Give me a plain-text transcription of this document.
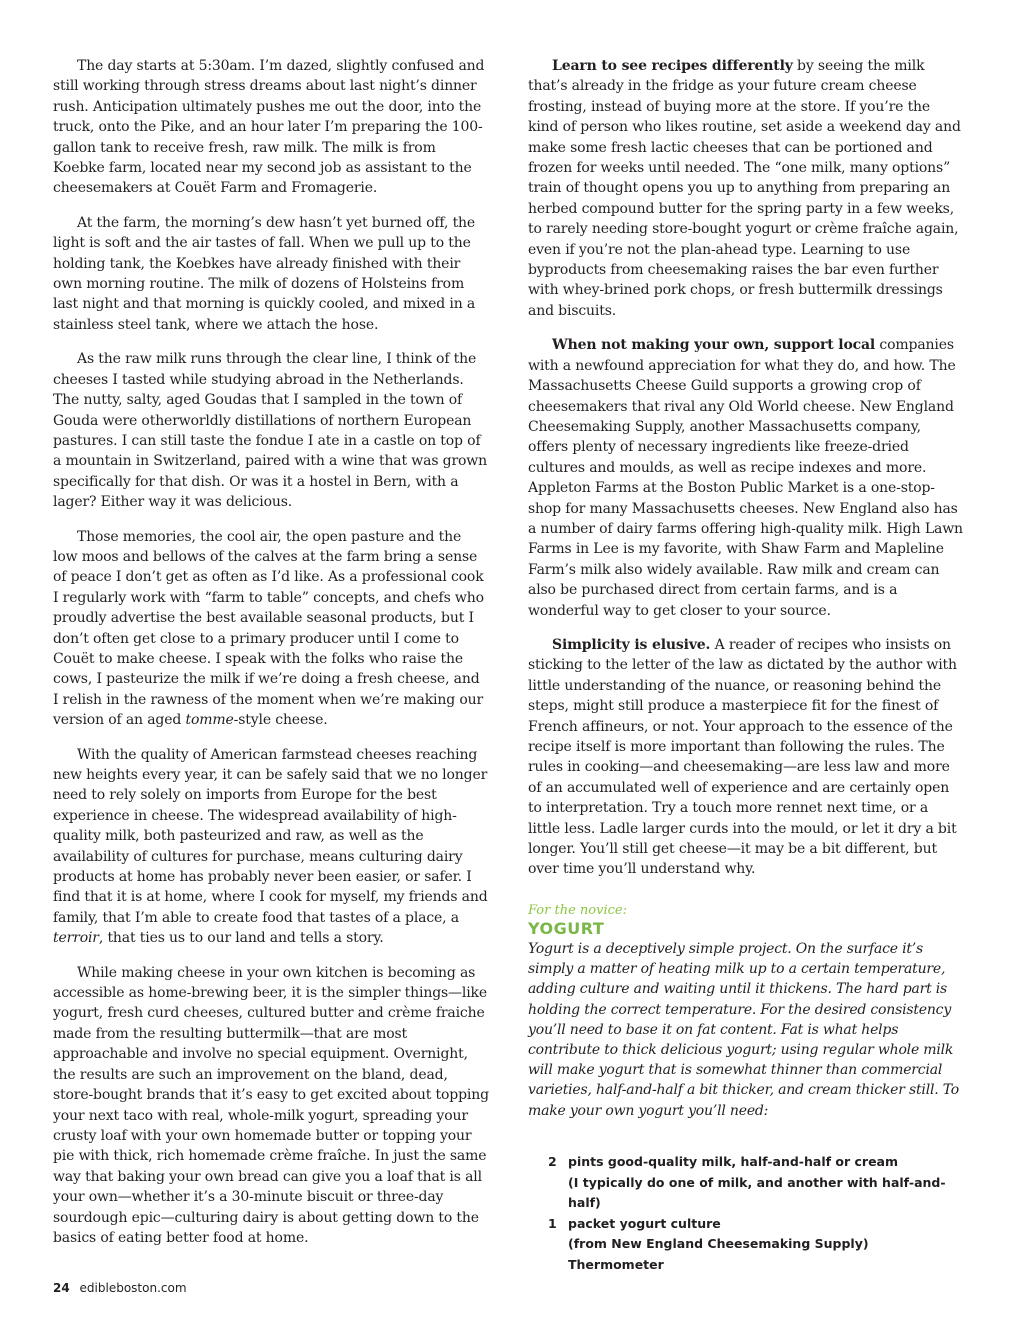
The day starts at 5:30am. I’m dazed, slightly confused and still working through stress dreams about last night’s dinner rush. Anticipation ultimately pushes me out the door, into the truck, onto the Pike, and an hour later I’m preparing the 100-gallon tank to receive fresh, raw milk. The milk is from Koebke farm, located near my second job as assistant to the cheesemakers at Couët Farm and Fromagerie.

At the farm, the morning’s dew hasn’t yet burned off, the light is soft and the air tastes of fall. When we pull up to the holding tank, the Koebkes have already finished with their own morning routine. The milk of dozens of Holsteins from last night and that morning is quickly cooled, and mixed in a stainless steel tank, where we attach the hose.

As the raw milk runs through the clear line, I think of the cheeses I tasted while studying abroad in the Netherlands. The nutty, salty, aged Goudas that I sampled in the town of Gouda were otherworldly distillations of northern European pastures. I can still taste the fondue I ate in a castle on top of a mountain in Switzerland, paired with a wine that was grown specifically for that dish. Or was it a hostel in Bern, with a lager? Either way it was delicious.

Those memories, the cool air, the open pasture and the low moos and bellows of the calves at the farm bring a sense of peace I don’t get as often as I’d like. As a professional cook I regularly work with “farm to table” concepts, and chefs who proudly advertise the best available seasonal products, but I don’t often get close to a primary producer until I come to Couët to make cheese. I speak with the folks who raise the cows, I pasteurize the milk if we’re doing a fresh cheese, and I relish in the rawness of the moment when we’re making our version of an aged tomme-style cheese.

With the quality of American farmstead cheeses reaching new heights every year, it can be safely said that we no longer need to rely solely on imports from Europe for the best experience in cheese. The widespread availability of high-quality milk, both pasteurized and raw, as well as the availability of cultures for purchase, means culturing dairy products at home has probably never been easier, or safer. I find that it is at home, where I cook for myself, my friends and family, that I’m able to create food that tastes of a place, a terroir, that ties us to our land and tells a story.

While making cheese in your own kitchen is becoming as accessible as home-brewing beer, it is the simpler things—like yogurt, fresh curd cheeses, cultured butter and crème fraiche made from the resulting buttermilk—that are most approachable and involve no special equipment. Overnight, the results are such an improvement on the bland, dead, store-bought brands that it’s easy to get excited about topping your next taco with real, whole-milk yogurt, spreading your crusty loaf with your own homemade butter or topping your pie with thick, rich homemade crème fraîche. In just the same way that baking your own bread can give you a loaf that is all your own—whether it’s a 30-minute biscuit or three-day sourdough epic—culturing dairy is about getting down to the basics of eating better food at home.

Learn to see recipes differently by seeing the milk that’s already in the fridge as your future cream cheese frosting, instead of buying more at the store. If you’re the kind of person who likes routine, set aside a weekend day and make some fresh lactic cheeses that can be portioned and frozen for weeks until needed. The “one milk, many options” train of thought opens you up to anything from preparing an herbed compound butter for the spring party in a few weeks, to rarely needing store-bought yogurt or crème fraîche again, even if you’re not the plan-ahead type. Learning to use byproducts from cheesemaking raises the bar even further with whey-brined pork chops, or fresh buttermilk dressings and biscuits.

When not making your own, support local companies with a newfound appreciation for what they do, and how. The Massachusetts Cheese Guild supports a growing crop of cheesemakers that rival any Old World cheese. New England Cheesemaking Supply, another Massachusetts company, offers plenty of necessary ingredients like freeze-dried cultures and moulds, as well as recipe indexes and more. Appleton Farms at the Boston Public Market is a one-stop-shop for many Massachusetts cheeses. New England also has a number of dairy farms offering high-quality milk. High Lawn Farms in Lee is my favorite, with Shaw Farm and Mapleline Farm’s milk also widely available. Raw milk and cream can also be purchased direct from certain farms, and is a wonderful way to get closer to your source.

Simplicity is elusive. A reader of recipes who insists on sticking to the letter of the law as dictated by the author with little understanding of the nuance, or reasoning behind the steps, might still produce a masterpiece fit for the finest of French affineurs, or not. Your approach to the essence of the recipe itself is more important than following the rules. The rules in cooking—and cheesemaking—are less law and more of an accumulated well of experience and are certainly open to interpretation. Try a touch more rennet next time, or a little less. Ladle larger curds into the mould, or let it dry a bit longer. You’ll still get cheese—it may be a bit different, but over time you’ll understand why.

For the novice:
YOGURT

Yogurt is a deceptively simple project. On the surface it’s simply a matter of heating milk up to a certain temperature, adding culture and waiting until it thickens. The hard part is holding the correct temperature. For the desired consistency you’ll need to base it on fat content. Fat is what helps contribute to thick delicious yogurt; using regular whole milk will make yogurt that is somewhat thinner than commercial varieties, half-and-half a bit thicker, and cream thicker still. To make your own yogurt you’ll need:

2 pints good-quality milk, half-and-half or cream
(I typically do one of milk, and another with half-and-half)
1 packet yogurt culture
(from New England Cheesemaking Supply)
Thermometer
24 edibleboston.com
